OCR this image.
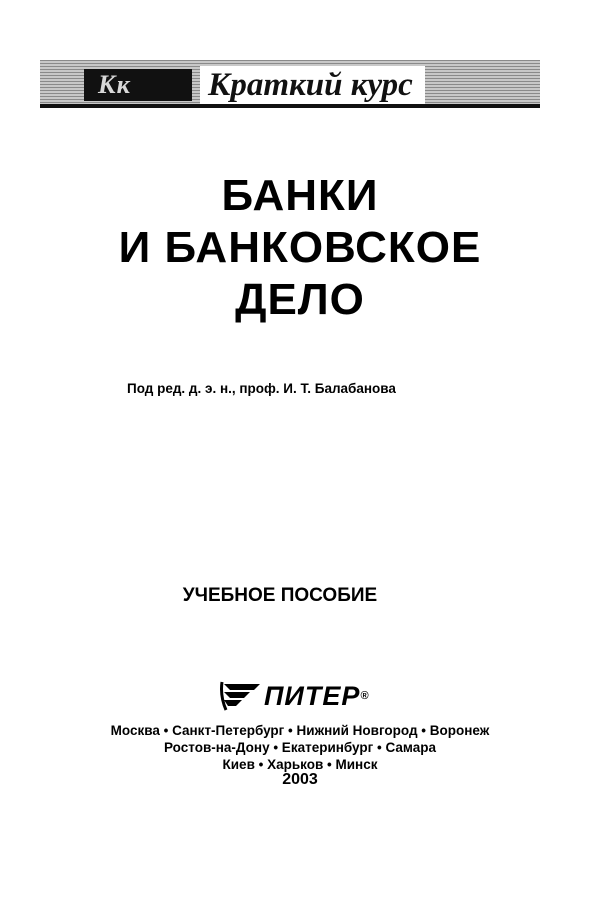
Кк	Краткий курс
БАНКИ
И БАНКОВСКОЕ
ДЕЛО
Под ред. д. э. н., проф. И. Т. Балабанова
УЧЕБНОЕ ПОСОБИЕ
ПИТЕР®
Москва • Санкт-Петербург • Нижний Новгород • Воронеж
Ростов-на-Дону • Екатеринбург • Самара
Киев • Харьков • Минск
2003
